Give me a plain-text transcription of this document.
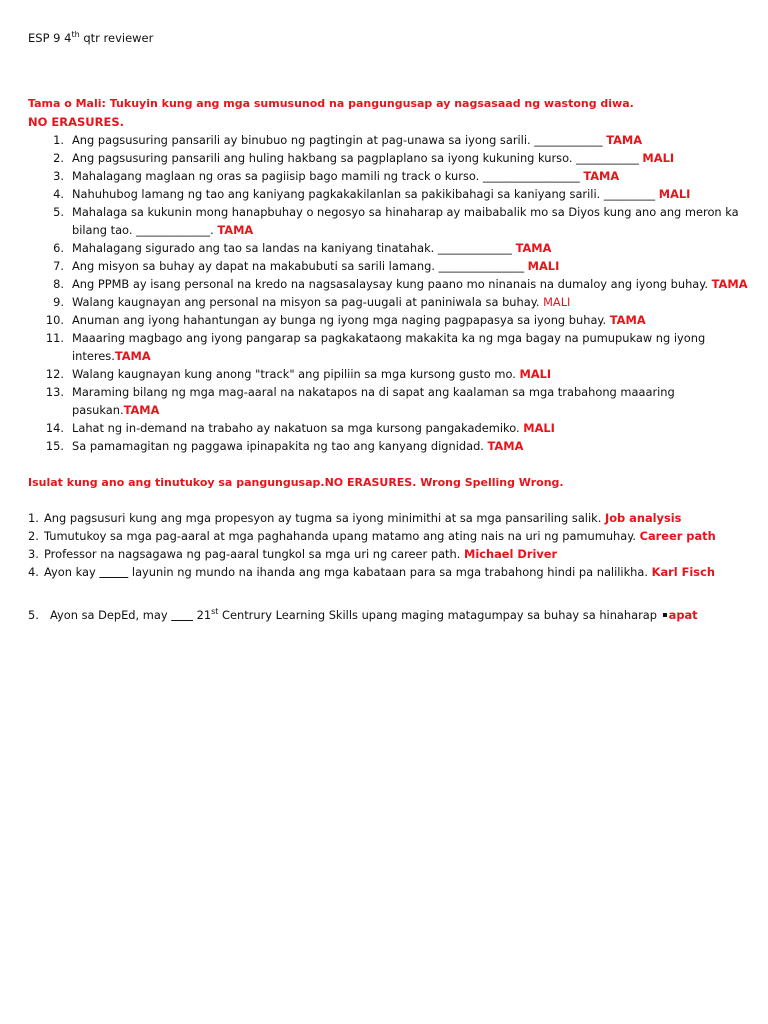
ESP 9 4th qtr reviewer
Tama o Mali: Tukuyin kung ang mga sumusunod na pangungusap ay nagsasaad ng wastong diwa.
NO ERASURES.
1. Ang pagsusuring pansarili ay binubuo ng pagtingin at pag-unawa sa iyong sarili. ____________ TAMA
2. Ang pagsusuring pansarili ang huling hakbang sa pagplaplano sa iyong kukuning kurso. ___________ MALI
3. Mahalagang maglaan ng oras sa pagiisip bago mamili ng track o kurso. _________________ TAMA
4. Nahuhubog lamang ng tao ang kaniyang pagkakakilanlan sa pakikibahagi sa kaniyang sarili. _________ MALI
5. Mahalaga sa kukunin mong hanapbuhay o negosyo sa hinaharap ay maibabalik mo sa Diyos kung ano ang meron ka bilang tao. _____________. TAMA
6. Mahalagang sigurado ang tao sa landas na kaniyang tinatahak. _____________ TAMA
7. Ang misyon sa buhay ay dapat na makabubuti sa sarili lamang. _______________ MALI
8. Ang PPMB ay isang personal na kredo na nagsasalaysay kung paano mo ninanais na dumaloy ang iyong buhay. TAMA
9. Walang kaugnayan ang personal na misyon sa pag-uugali at paniniwala sa buhay. MALI
10. Anuman ang iyong hahantungan ay bunga ng iyong mga naging pagpapasya sa iyong buhay. TAMA
11. Maaaring magbago ang iyong pangarap sa pagkakataong makakita ka ng mga bagay na pumupukaw ng iyong interes.TAMA
12. Walang kaugnayan kung anong "track" ang pipiliin sa mga kursong gusto mo. MALI
13. Maraming bilang ng mga mag-aaral na nakatapos na di sapat ang kaalaman sa mga trabahong maaaring pasukan.TAMA
14. Lahat ng in-demand na trabaho ay nakatuon sa mga kursong pangakademiko. MALI
15. Sa pamamagitan ng paggawa ipinapakita ng tao ang kanyang dignidad. TAMA
Isulat kung ano ang tinutukoy sa pangungusap.NO ERASURES. Wrong Spelling Wrong.
1. Ang pagsusuri kung ang mga propesyon ay tugma sa iyong minimithi at sa mga pansariling salik. Job analysis
2. Tumutukoy sa mga pag-aaral at mga paghahanda upang matamo ang ating nais na uri ng pamumuhay. Career path
3. Professor na nagsagawa ng pag-aaral tungkol sa mga uri ng career path. Michael Driver
4. Ayon kay	layunin ng mundo na ihanda ang mga kabataan para sa mga trabahong hindi pa nalilikha. Karl Fisch
5. Ayon sa DepEd, may        21st Centrury Learning Skills upang maging matagumpay sa buhay sa hinaharap apat
